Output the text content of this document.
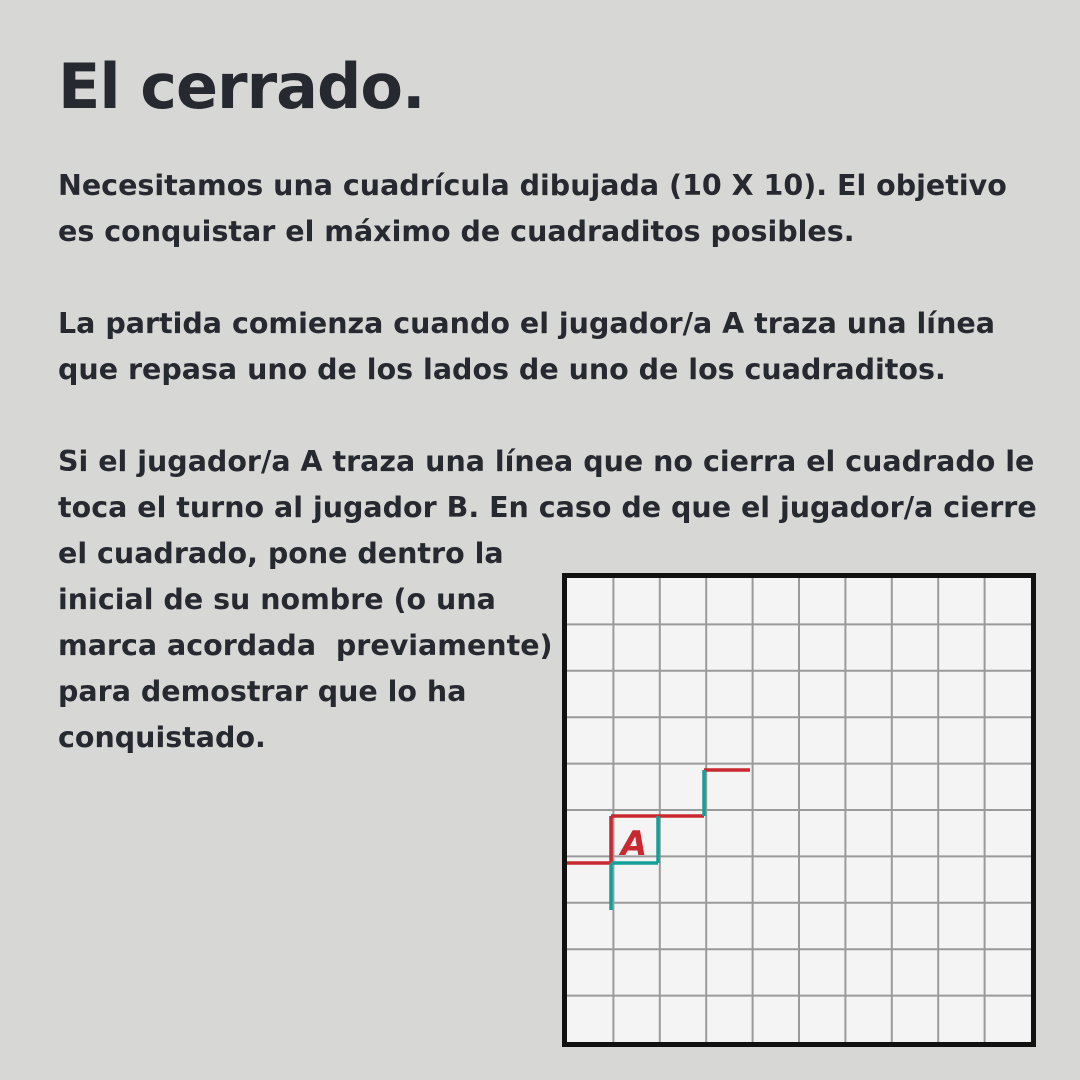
El cerrado.

Necesitamos una cuadrícula dibujada (10 X 10). El objetivo
es conquistar el máximo de cuadraditos posibles.

La partida comienza cuando el jugador/a A traza una línea
que repasa uno de los lados de uno de los cuadraditos.

Si el jugador/a A traza una línea que no cierra el cuadrado le
toca el turno al jugador B. En caso de que el jugador/a cierre

el cuadrado, pone dentro la
inicial de su nombre (o una
marca acordada  previamente)
para demostrar que lo ha
conquistado.

A
